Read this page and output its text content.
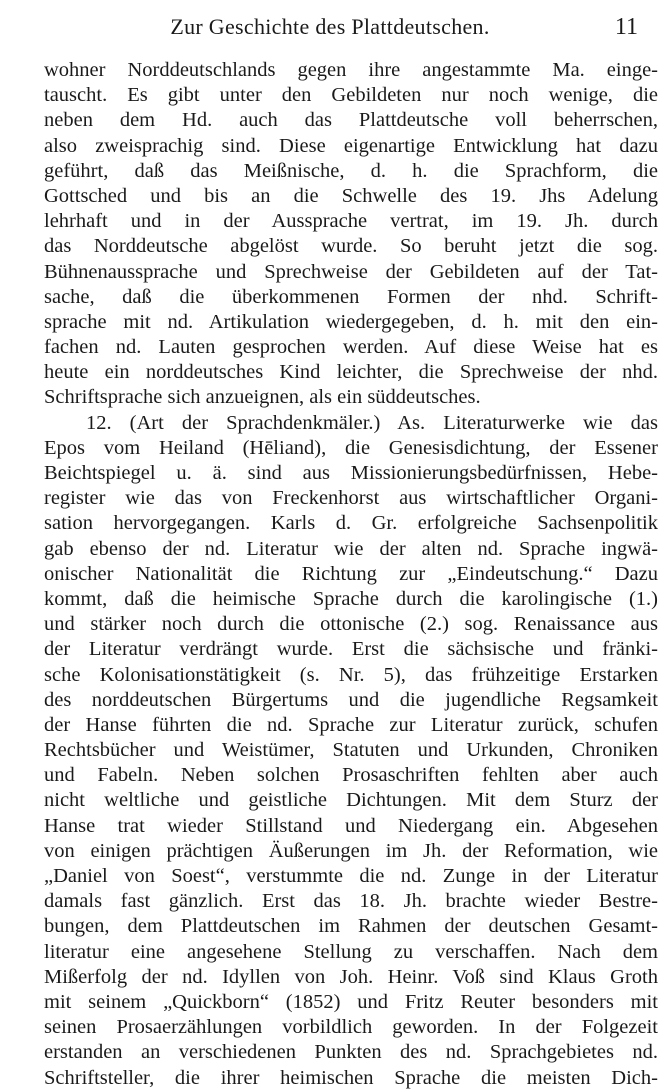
Zur Geschichte des Plattdeutschen.	11
wohner Norddeutschlands gegen ihre angestammte Ma. einge-
tauscht. Es gibt unter den Gebildeten nur noch wenige, die
neben dem Hd. auch das Plattdeutsche voll beherrschen,
also zweisprachig sind. Diese eigenartige Entwicklung hat dazu
geführt, daß das Meißnische, d. h. die Sprachform, die
Gottsched und bis an die Schwelle des 19. Jhs Adelung
lehrhaft und in der Aussprache vertrat, im 19. Jh. durch
das Norddeutsche abgelöst wurde. So beruht jetzt die sog.
Bühnenaussprache und Sprechweise der Gebildeten auf der Tat-
sache, daß die überkommenen Formen der nhd. Schrift-
sprache mit nd. Artikulation wiedergegeben, d. h. mit den ein-
fachen nd. Lauten gesprochen werden. Auf diese Weise hat es
heute ein norddeutsches Kind leichter, die Sprechweise der nhd.
Schriftsprache sich anzueignen, als ein süddeutsches.
12. (Art der Sprachdenkmäler.) As. Literaturwerke wie das
Epos vom Heiland (Hēliand), die Genesisdichtung, der Essener
Beichtspiegel u. ä. sind aus Missionierungsbedürfnissen, Hebe-
register wie das von Freckenhorst aus wirtschaftlicher Organi-
sation hervorgegangen. Karls d. Gr. erfolgreiche Sachsenpolitik
gab ebenso der nd. Literatur wie der alten nd. Sprache ingwä-
onischer Nationalität die Richtung zur „Eindeutschung.“ Dazu
kommt, daß die heimische Sprache durch die karolingische (1.)
und stärker noch durch die ottonische (2.) sog. Renaissance aus
der Literatur verdrängt wurde. Erst die sächsische und fränki-
sche Kolonisationstätigkeit (s. Nr. 5), das frühzeitige Erstarken
des norddeutschen Bürgertums und die jugendliche Regsamkeit
der Hanse führten die nd. Sprache zur Literatur zurück, schufen
Rechtsbücher und Weistümer, Statuten und Urkunden, Chroniken
und Fabeln. Neben solchen Prosaschriften fehlten aber auch
nicht weltliche und geistliche Dichtungen. Mit dem Sturz der
Hanse trat wieder Stillstand und Niedergang ein. Abgesehen
von einigen prächtigen Äußerungen im Jh. der Reformation, wie
„Daniel von Soest“, verstummte die nd. Zunge in der Literatur
damals fast gänzlich. Erst das 18. Jh. brachte wieder Bestre-
bungen, dem Plattdeutschen im Rahmen der deutschen Gesamt-
literatur eine angesehene Stellung zu verschaffen. Nach dem
Mißerfolg der nd. Idyllen von Joh. Heinr. Voß sind Klaus Groth
mit seinem „Quickborn“ (1852) und Fritz Reuter besonders mit
seinen Prosaerzählungen vorbildlich geworden. In der Folgezeit
erstanden an verschiedenen Punkten des nd. Sprachgebietes nd.
Schriftsteller, die ihrer heimischen Sprache die meisten Dich-
